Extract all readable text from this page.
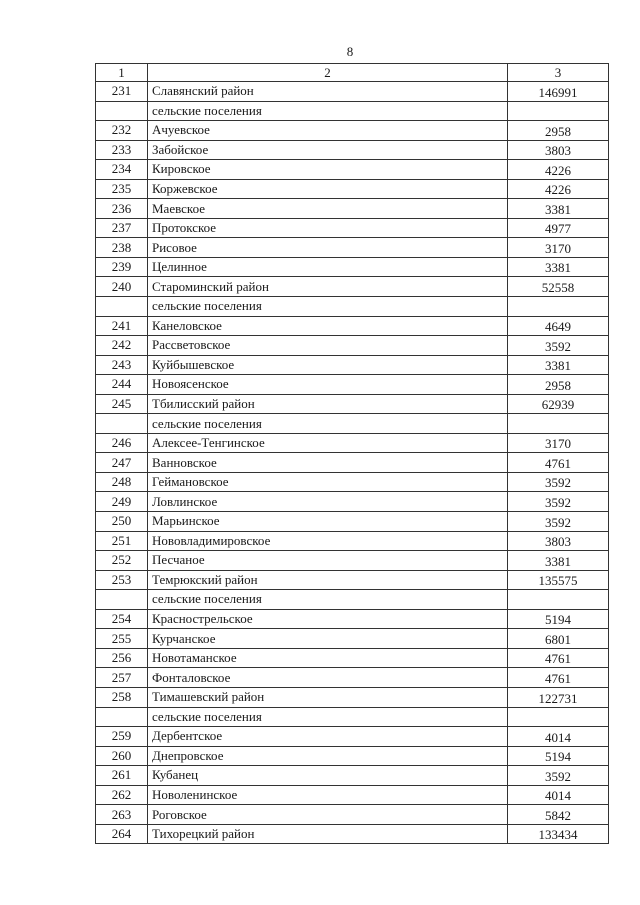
8
1	2	3
231	Славянский район	146991
	сельские поселения	
232	Ачуевское	2958
233	Забойское	3803
234	Кировское	4226
235	Коржевское	4226
236	Маевское	3381
237	Протокское	4977
238	Рисовое	3170
239	Целинное	3381
240	Староминский район	52558
	сельские поселения	
241	Канеловское	4649
242	Рассветовское	3592
243	Куйбышевское	3381
244	Новоясенское	2958
245	Тбилисский район	62939
	сельские поселения	
246	Алексее-Тенгинское	3170
247	Ванновское	4761
248	Геймановское	3592
249	Ловлинское	3592
250	Марьинское	3592
251	Нововладимировское	3803
252	Песчаное	3381
253	Темрюкский район	135575
	сельские поселения	
254	Краснострельское	5194
255	Курчанское	6801
256	Новотаманское	4761
257	Фонталовское	4761
258	Тимашевский район	122731
	сельские поселения	
259	Дербентское	4014
260	Днепровское	5194
261	Кубанец	3592
262	Новоленинское	4014
263	Роговское	5842
264	Тихорецкий район	133434
